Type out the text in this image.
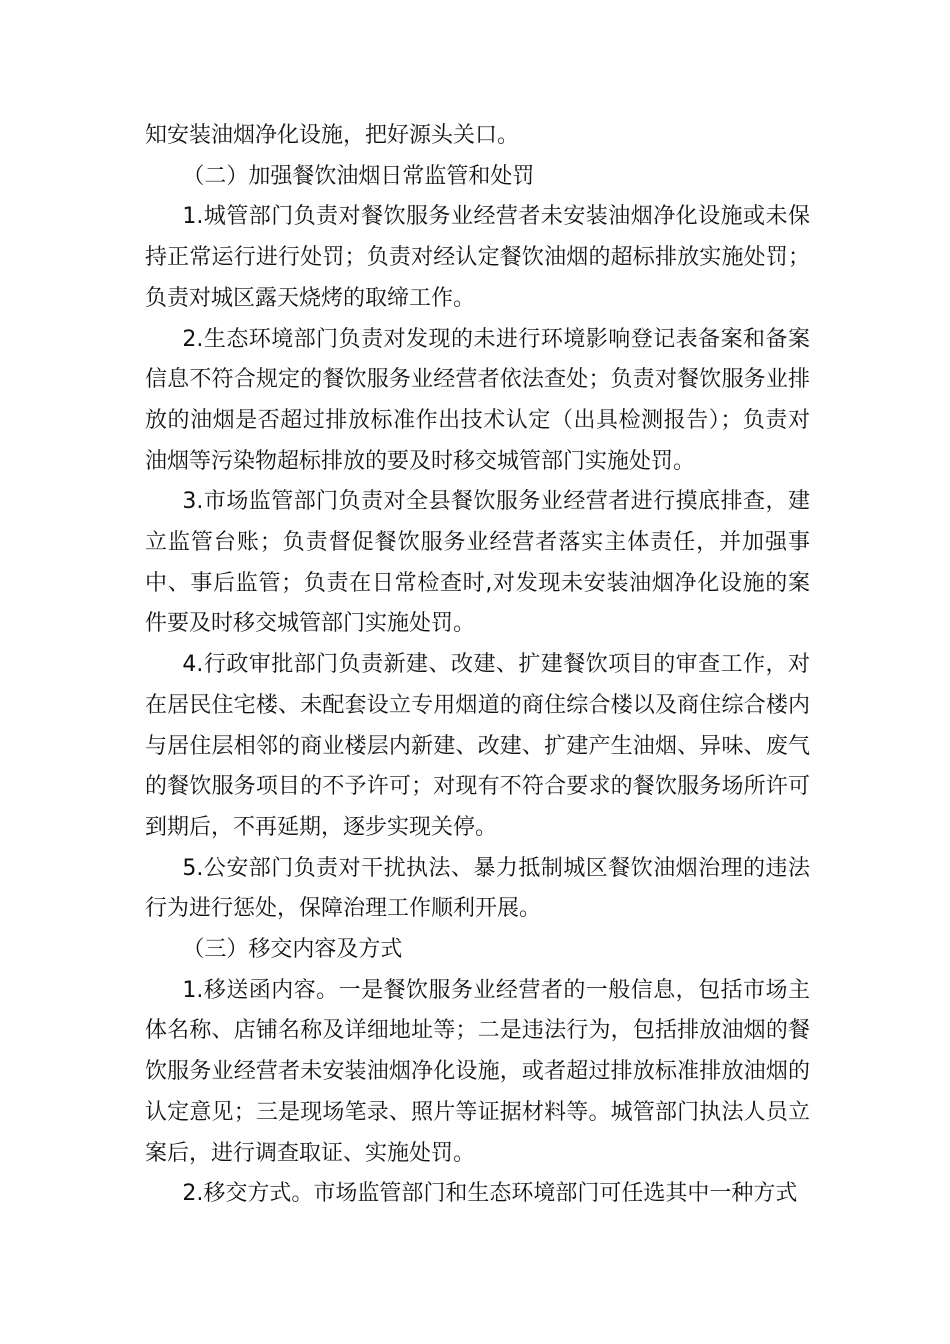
知安装油烟净化设施，把好源头关口。

（二）加强餐饮油烟日常监管和处罚

1.城管部门负责对餐饮服务业经营者未安装油烟净化设施或未保持正常运行进行处罚；负责对经认定餐饮油烟的超标排放实施处罚；负责对城区露天烧烤的取缔工作。

2.生态环境部门负责对发现的未进行环境影响登记表备案和备案信息不符合规定的餐饮服务业经营者依法查处；负责对餐饮服务业排放的油烟是否超过排放标准作出技术认定（出具检测报告）；负责对油烟等污染物超标排放的要及时移交城管部门实施处罚。

3.市场监管部门负责对全县餐饮服务业经营者进行摸底排查，建立监管台账；负责督促餐饮服务业经营者落实主体责任，并加强事中、事后监管；负责在日常检查时,对发现未安装油烟净化设施的案件要及时移交城管部门实施处罚。

4.行政审批部门负责新建、改建、扩建餐饮项目的审查工作，对在居民住宅楼、未配套设立专用烟道的商住综合楼以及商住综合楼内与居住层相邻的商业楼层内新建、改建、扩建产生油烟、异味、废气的餐饮服务项目的不予许可；对现有不符合要求的餐饮服务场所许可到期后，不再延期，逐步实现关停。

5.公安部门负责对干扰执法、暴力抵制城区餐饮油烟治理的违法行为进行惩处，保障治理工作顺利开展。

（三）移交内容及方式

1.移送函内容。一是餐饮服务业经营者的一般信息，包括市场主体名称、店铺名称及详细地址等；二是违法行为，包括排放油烟的餐饮服务业经营者未安装油烟净化设施，或者超过排放标准排放油烟的认定意见；三是现场笔录、照片等证据材料等。城管部门执法人员立案后，进行调查取证、实施处罚。

2.移交方式。市场监管部门和生态环境部门可任选其中一种方式
